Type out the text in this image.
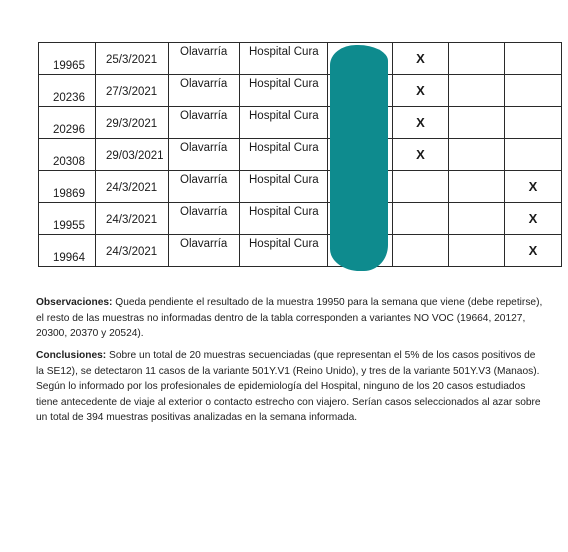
19965	25/3/2021	Olavarría	Hospital Cura		X		

20236	27/3/2021	Olavarría	Hospital Cura		X		

20296	29/3/2021	Olavarría	Hospital Cura		X		

20308	29/03/2021	Olavarría	Hospital Cura		X		

19869	24/3/2021	Olavarría	Hospital Cura				X

19955	24/3/2021	Olavarría	Hospital Cura				X

19964	24/3/2021	Olavarría	Hospital Cura				X
Observaciones: Queda pendiente el resultado de la muestra 19950 para la semana que viene (debe repetirse), el resto de las muestras no informadas dentro de la tabla corresponden a variantes NO VOC (19664, 20127, 20300, 20370 y 20524).
Conclusiones: Sobre un total de 20 muestras secuenciadas (que representan el 5% de los casos positivos de la SE12), se detectaron 11 casos de la variante 501Y.V1 (Reino Unido), y tres de la variante 501Y.V3 (Manaos). Según lo informado por los profesionales de epidemiología del Hospital, ninguno de los 20 casos estudiados tiene antecedente de viaje al exterior o contacto estrecho con viajero. Serían casos seleccionados al azar sobre un total de 394 muestras positivas analizadas en la semana informada.
